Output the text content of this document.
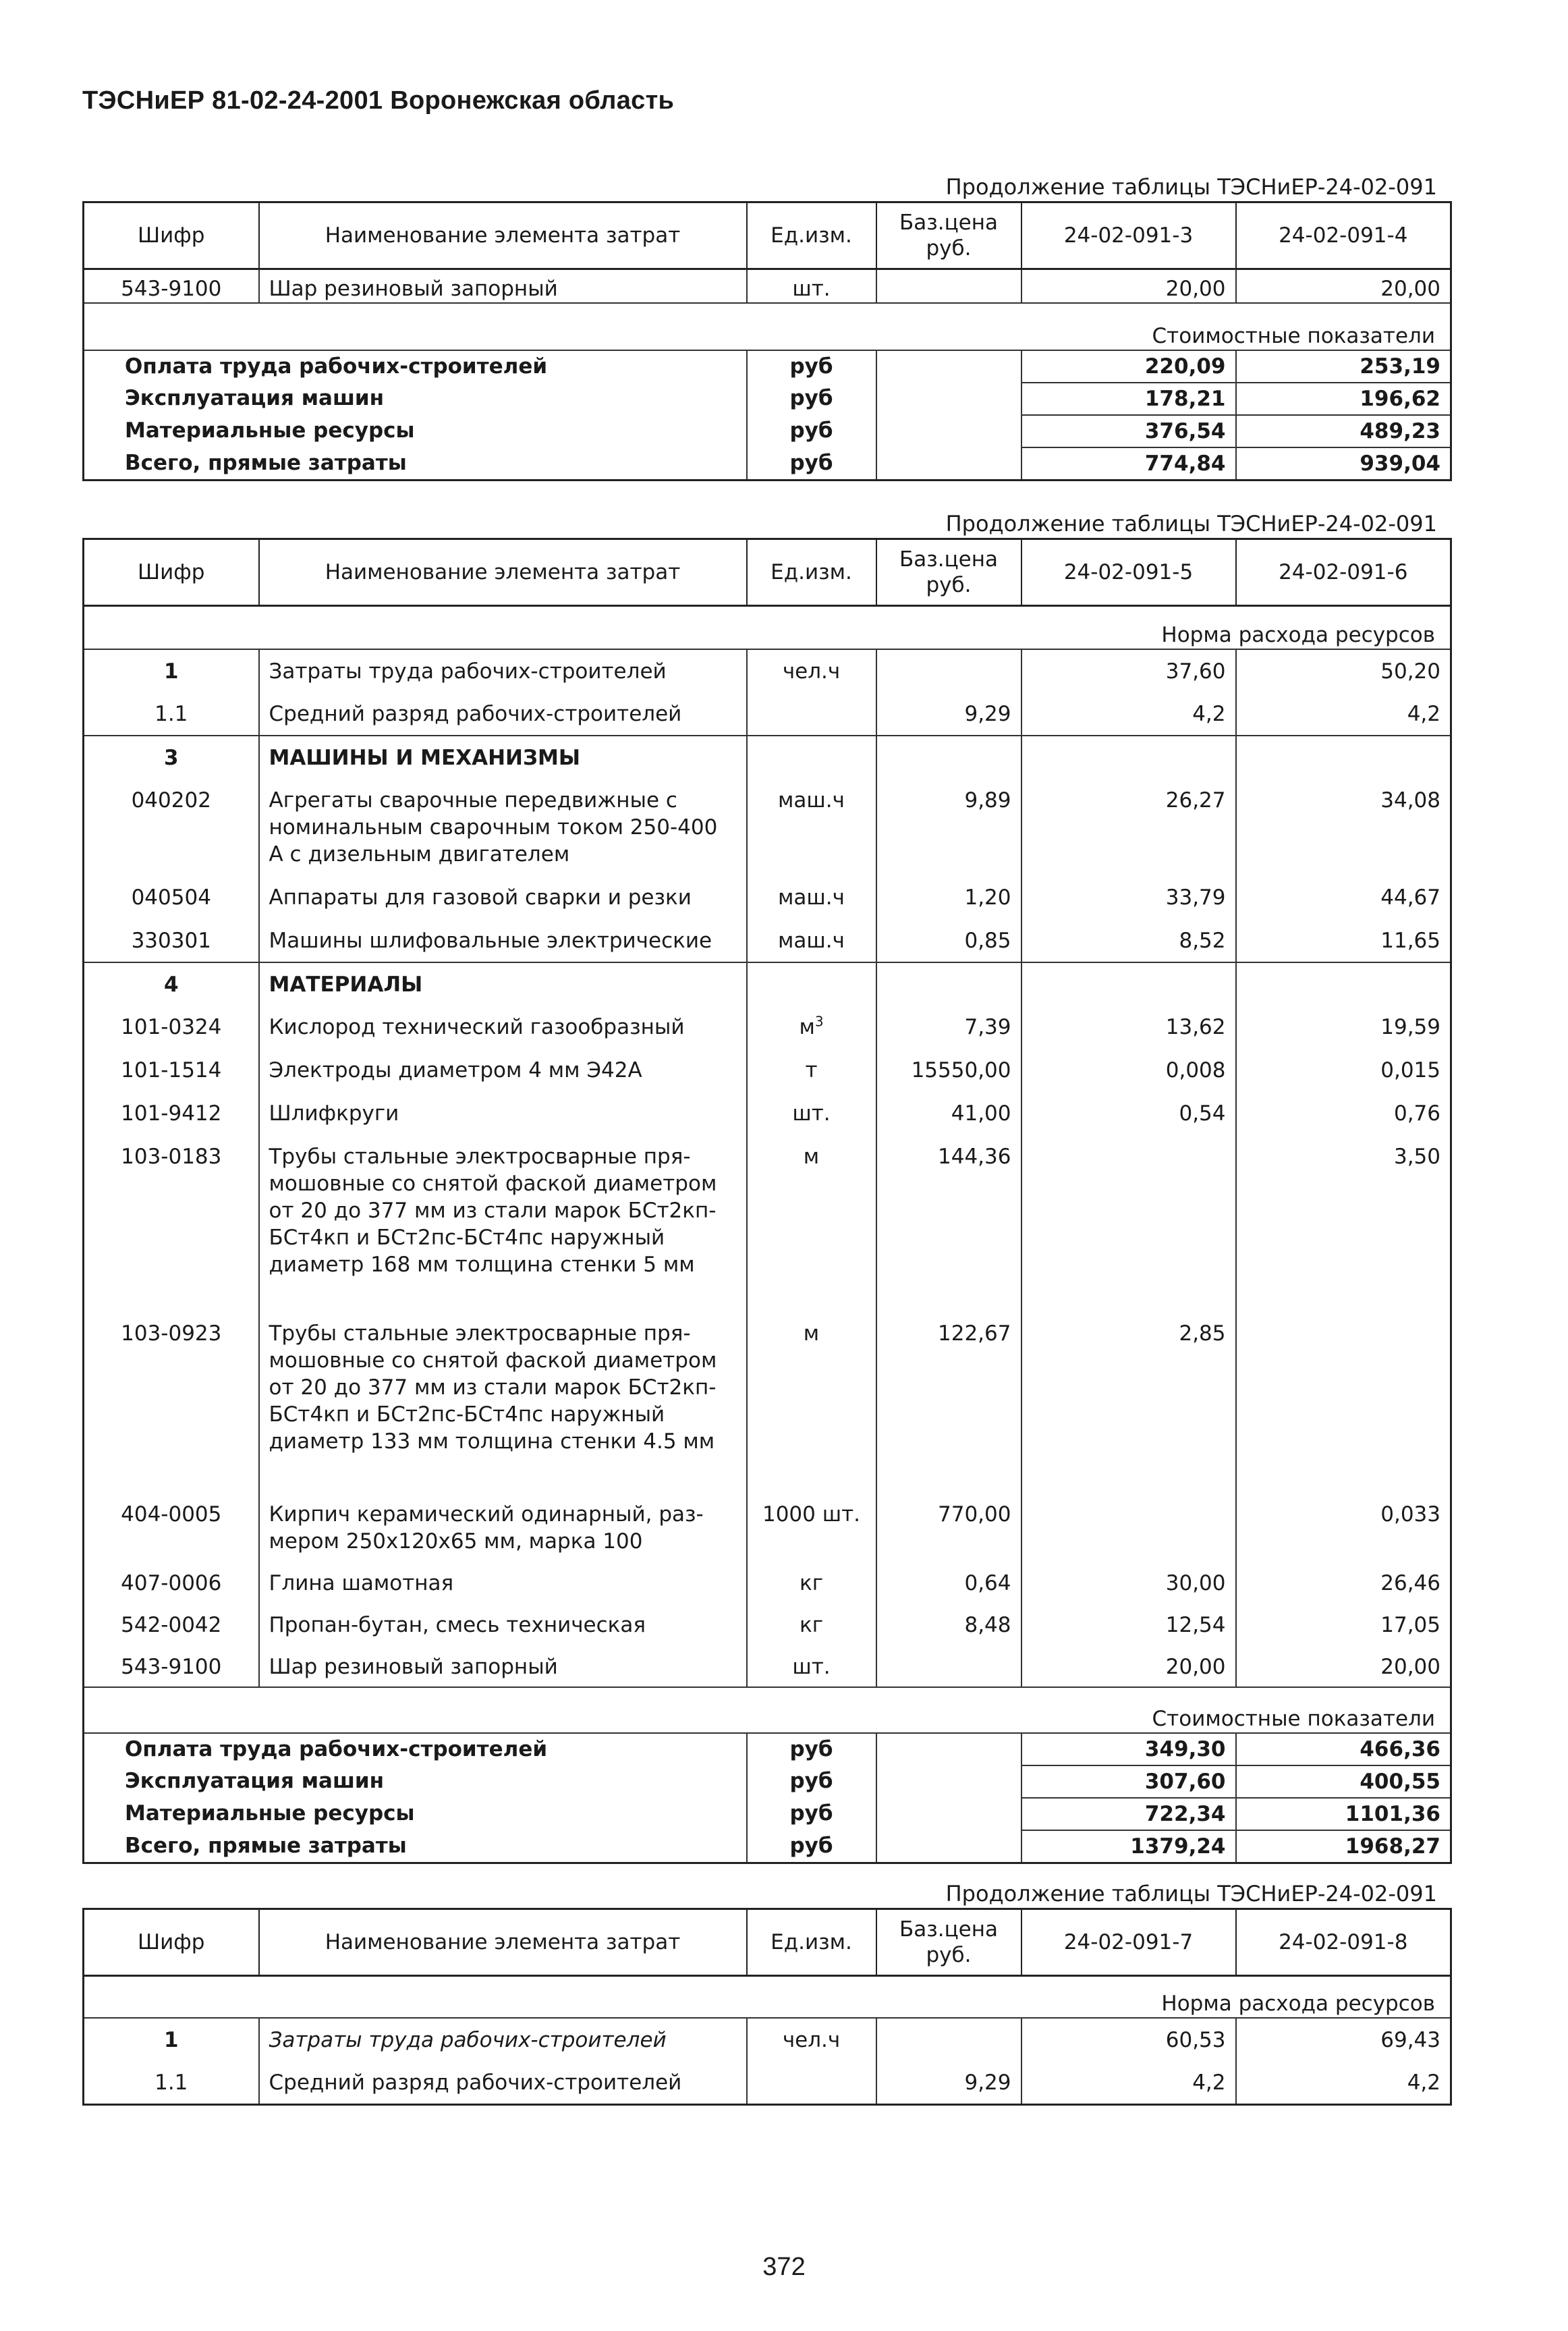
ТЭСНиЕР 81-02-24-2001 Воронежская область
Продолжение таблицы ТЭСНиЕР-24-02-091
Шифр	Наименование элемента затрат	Ед.изм.	Баз.цена руб.	24-02-091-3	24-02-091-4
543-9100	Шар резиновый запорный	шт.		20,00	20,00
Стоимостные показатели					
Оплата труда рабочих-строителей		руб		220,09	253,19
Эксплуатация машин		руб		178,21	196,62
Материальные ресурсы		руб		376,54	489,23
Всего, прямые затраты		руб		774,84	939,04
Продолжение таблицы ТЭСНиЕР-24-02-091
Шифр	Наименование элемента затрат	Ед.изм.	Баз.цена руб.	24-02-091-5	24-02-091-6
Норма расхода ресурсов					
1	Затраты труда рабочих-строителей	чел.ч		37,60	50,20
1.1	Средний разряд рабочих-строителей		9,29	4,2	4,2
3	МАШИНЫ И МЕХАНИЗМЫ				
040202	Агрегаты сварочные передвижные с номинальным сварочным током 250-400 А с дизельным двигателем	маш.ч	9,89	26,27	34,08
040504	Аппараты для газовой сварки и резки	маш.ч	1,20	33,79	44,67
330301	Машины шлифовальные электрические	маш.ч	0,85	8,52	11,65
4	МАТЕРИАЛЫ				
101-0324	Кислород технический газообразный	$м^3$	7,39	13,62	19,59
101-1514	Электроды диаметром 4 мм Э42А	т	15550,00	0,008	0,015
101-9412	Шлифкруги	шт.	41,00	0,54	0,76
103-0183	Трубы стальные электросварные пря-мошовные со снятой фаской диаметром от 20 до 377 мм из стали марок БСт2кп-БСт4кп и БСт2пс-БСт4пс наружный диаметр 168 мм толщина стенки 5 мм	м	144,36		3,50
103-0923	Трубы стальные электросварные пря-мошовные со снятой фаской диаметром от 20 до 377 мм из стали марок БСт2кп-БСт4кп и БСт2пс-БСт4пс наружный диаметр 133 мм толщина стенки 4.5 мм	м	122,67	2,85	
404-0005	Кирпич керамический одинарный, раз-мером 250х120х65 мм, марка 100	1000 шт.	770,00		0,033
407-0006	Глина шамотная	кг	0,64	30,00	26,46
542-0042	Пропан-бутан, смесь техническая	кг	8,48	12,54	17,05
543-9100	Шар резиновый запорный	шт.		20,00	20,00
Стоимостные показатели					
Оплата труда рабочих-строителей		руб		349,30	466,36
Эксплуатация машин		руб		307,60	400,55
Материальные ресурсы		руб		722,34	1101,36
Всего, прямые затраты		руб		1379,24	1968,27
Продолжение таблицы ТЭСНиЕР-24-02-091
Шифр	Наименование элемента затрат	Ед.изм.	Баз.цена руб.	24-02-091-7	24-02-091-8
Норма расхода ресурсов					
1	Затраты труда рабочих-строителей	чел.ч		60,53	69,43
1.1	Средний разряд рабочих-строителей		9,29	4,2	4,2
372
